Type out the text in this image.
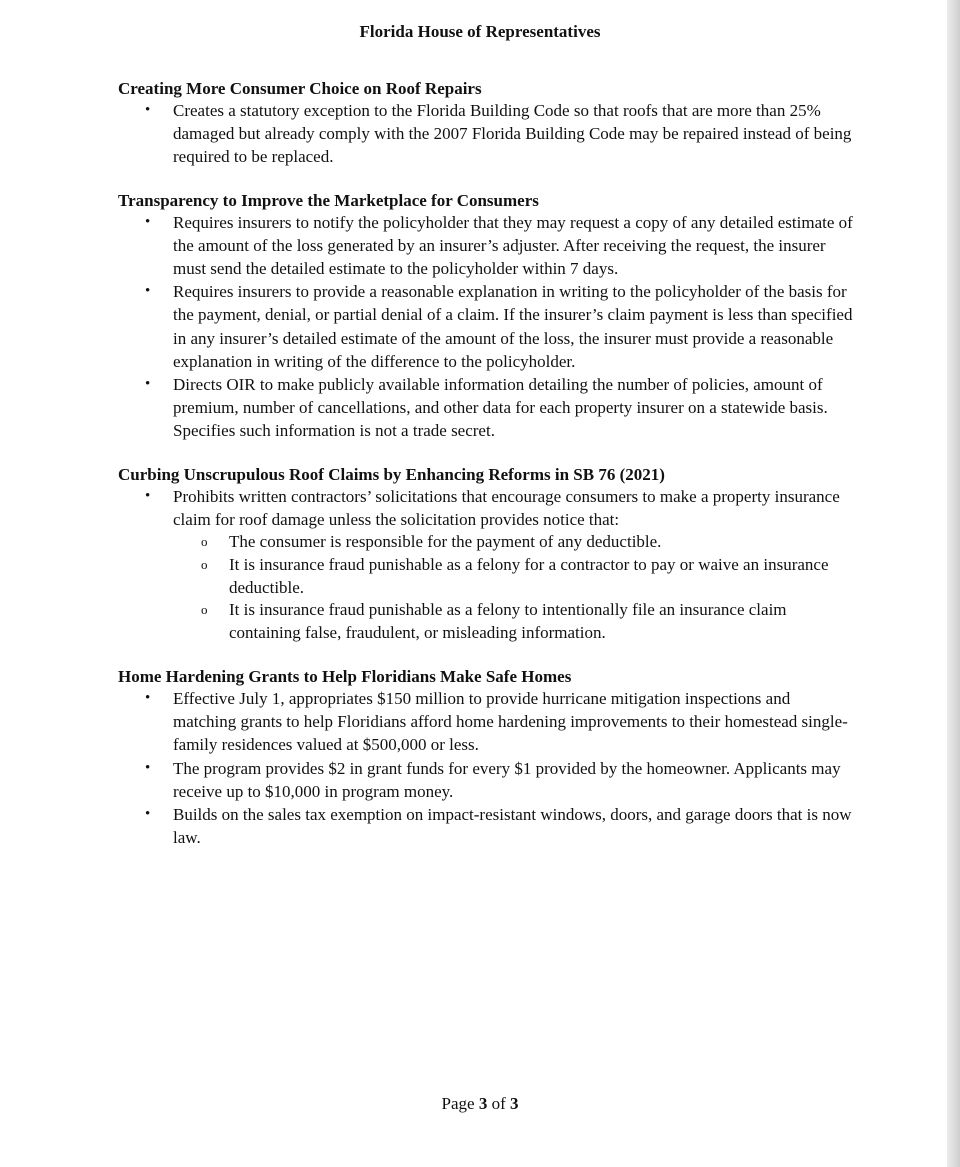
Florida House of Representatives
Creating More Consumer Choice on Roof Repairs
• Creates a statutory exception to the Florida Building Code so that roofs that are more than 25% damaged but already comply with the 2007 Florida Building Code may be repaired instead of being required to be replaced.
Transparency to Improve the Marketplace for Consumers
• Requires insurers to notify the policyholder that they may request a copy of any detailed estimate of the amount of the loss generated by an insurer’s adjuster. After receiving the request, the insurer must send the detailed estimate to the policyholder within 7 days.
• Requires insurers to provide a reasonable explanation in writing to the policyholder of the basis for the payment, denial, or partial denial of a claim. If the insurer’s claim payment is less than specified in any insurer’s detailed estimate of the amount of the loss, the insurer must provide a reasonable explanation in writing of the difference to the policyholder.
• Directs OIR to make publicly available information detailing the number of policies, amount of premium, number of cancellations, and other data for each property insurer on a statewide basis. Specifies such information is not a trade secret.
Curbing Unscrupulous Roof Claims by Enhancing Reforms in SB 76 (2021)
• Prohibits written contractors’ solicitations that encourage consumers to make a property insurance claim for roof damage unless the solicitation provides notice that:
o The consumer is responsible for the payment of any deductible.
o It is insurance fraud punishable as a felony for a contractor to pay or waive an insurance deductible.
o It is insurance fraud punishable as a felony to intentionally file an insurance claim containing false, fraudulent, or misleading information.
Home Hardening Grants to Help Floridians Make Safe Homes
• Effective July 1, appropriates $150 million to provide hurricane mitigation inspections and matching grants to help Floridians afford home hardening improvements to their homestead single-family residences valued at $500,000 or less.
• The program provides $2 in grant funds for every $1 provided by the homeowner. Applicants may receive up to $10,000 in program money.
• Builds on the sales tax exemption on impact-resistant windows, doors, and garage doors that is now law.
Page 3 of 3
